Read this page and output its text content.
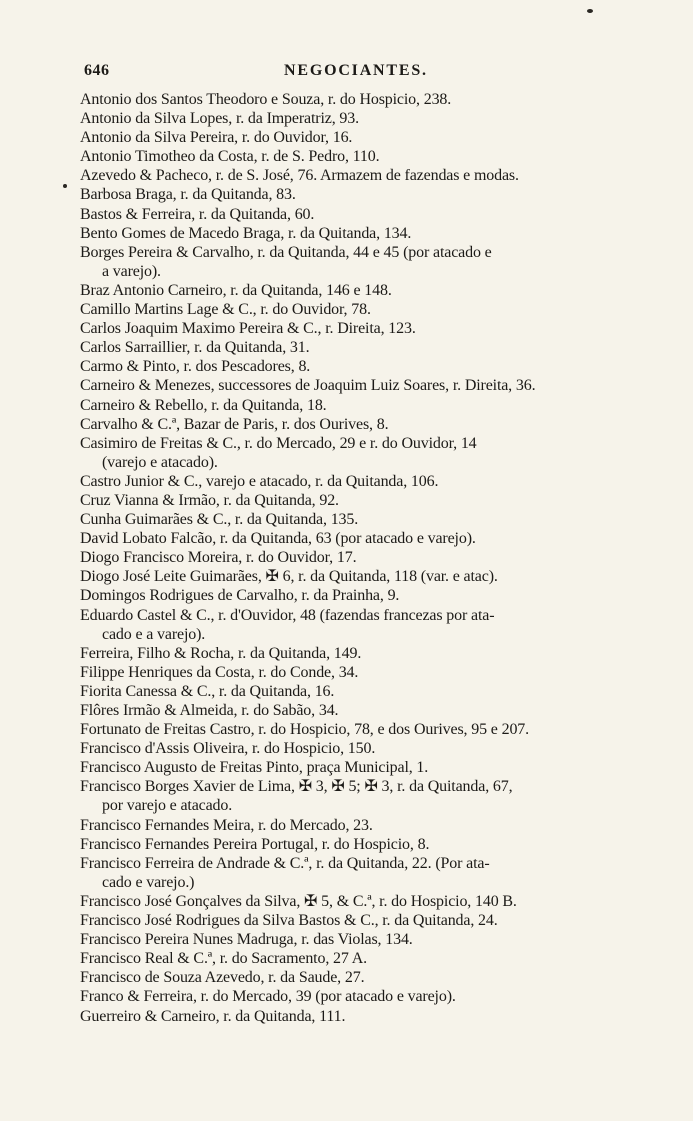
646	NEGOCIANTES.
Antonio dos Santos Theodoro e Souza, r. do Hospicio, 238.
Antonio da Silva Lopes, r. da Imperatriz, 93.
Antonio da Silva Pereira, r. do Ouvidor, 16.
Antonio Timotheo da Costa, r. de S. Pedro, 110.
Azevedo & Pacheco, r. de S. José, 76. Armazem de fazendas e modas.
Barbosa Braga, r. da Quitanda, 83.
Bastos & Ferreira, r. da Quitanda, 60.
Bento Gomes de Macedo Braga, r. da Quitanda, 134.
Borges Pereira & Carvalho, r. da Quitanda, 44 e 45 (por atacado e
a varejo).
Braz Antonio Carneiro, r. da Quitanda, 146 e 148.
Camillo Martins Lage & C., r. do Ouvidor, 78.
Carlos Joaquim Maximo Pereira & C., r. Direita, 123.
Carlos Sarraillier, r. da Quitanda, 31.
Carmo & Pinto, r. dos Pescadores, 8.
Carneiro & Menezes, successores de Joaquim Luiz Soares, r. Direita, 36.
Carneiro & Rebello, r. da Quitanda, 18.
Carvalho & C.ª, Bazar de Paris, r. dos Ourives, 8.
Casimiro de Freitas & C., r. do Mercado, 29 e r. do Ouvidor, 14
(varejo e atacado).
Castro Junior & C., varejo e atacado, r. da Quitanda, 106.
Cruz Vianna & Irmão, r. da Quitanda, 92.
Cunha Guimarães & C., r. da Quitanda, 135.
David Lobato Falcão, r. da Quitanda, 63 (por atacado e varejo).
Diogo Francisco Moreira, r. do Ouvidor, 17.
Diogo José Leite Guimarães, ✠ 6, r. da Quitanda, 118 (var. e atac).
Domingos Rodrigues de Carvalho, r. da Prainha, 9.
Eduardo Castel & C., r. d'Ouvidor, 48 (fazendas francezas por ata-
cado e a varejo).
Ferreira, Filho & Rocha, r. da Quitanda, 149.
Filippe Henriques da Costa, r. do Conde, 34.
Fiorita Canessa & C., r. da Quitanda, 16.
Flôres Irmão & Almeida, r. do Sabão, 34.
Fortunato de Freitas Castro, r. do Hospicio, 78, e dos Ourives, 95 e 207.
Francisco d'Assis Oliveira, r. do Hospicio, 150.
Francisco Augusto de Freitas Pinto, praça Municipal, 1.
Francisco Borges Xavier de Lima, ✠ 3, ✠ 5; ✠ 3, r. da Quitanda, 67,
por varejo e atacado.
Francisco Fernandes Meira, r. do Mercado, 23.
Francisco Fernandes Pereira Portugal, r. do Hospicio, 8.
Francisco Ferreira de Andrade & C.ª, r. da Quitanda, 22. (Por ata-
cado e varejo.)
Francisco José Gonçalves da Silva, ✠ 5, & C.ª, r. do Hospicio, 140 B.
Francisco José Rodrigues da Silva Bastos & C., r. da Quitanda, 24.
Francisco Pereira Nunes Madruga, r. das Violas, 134.
Francisco Real & C.ª, r. do Sacramento, 27 A.
Francisco de Souza Azevedo, r. da Saude, 27.
Franco & Ferreira, r. do Mercado, 39 (por atacado e varejo).
Guerreiro & Carneiro, r. da Quitanda, 111.
